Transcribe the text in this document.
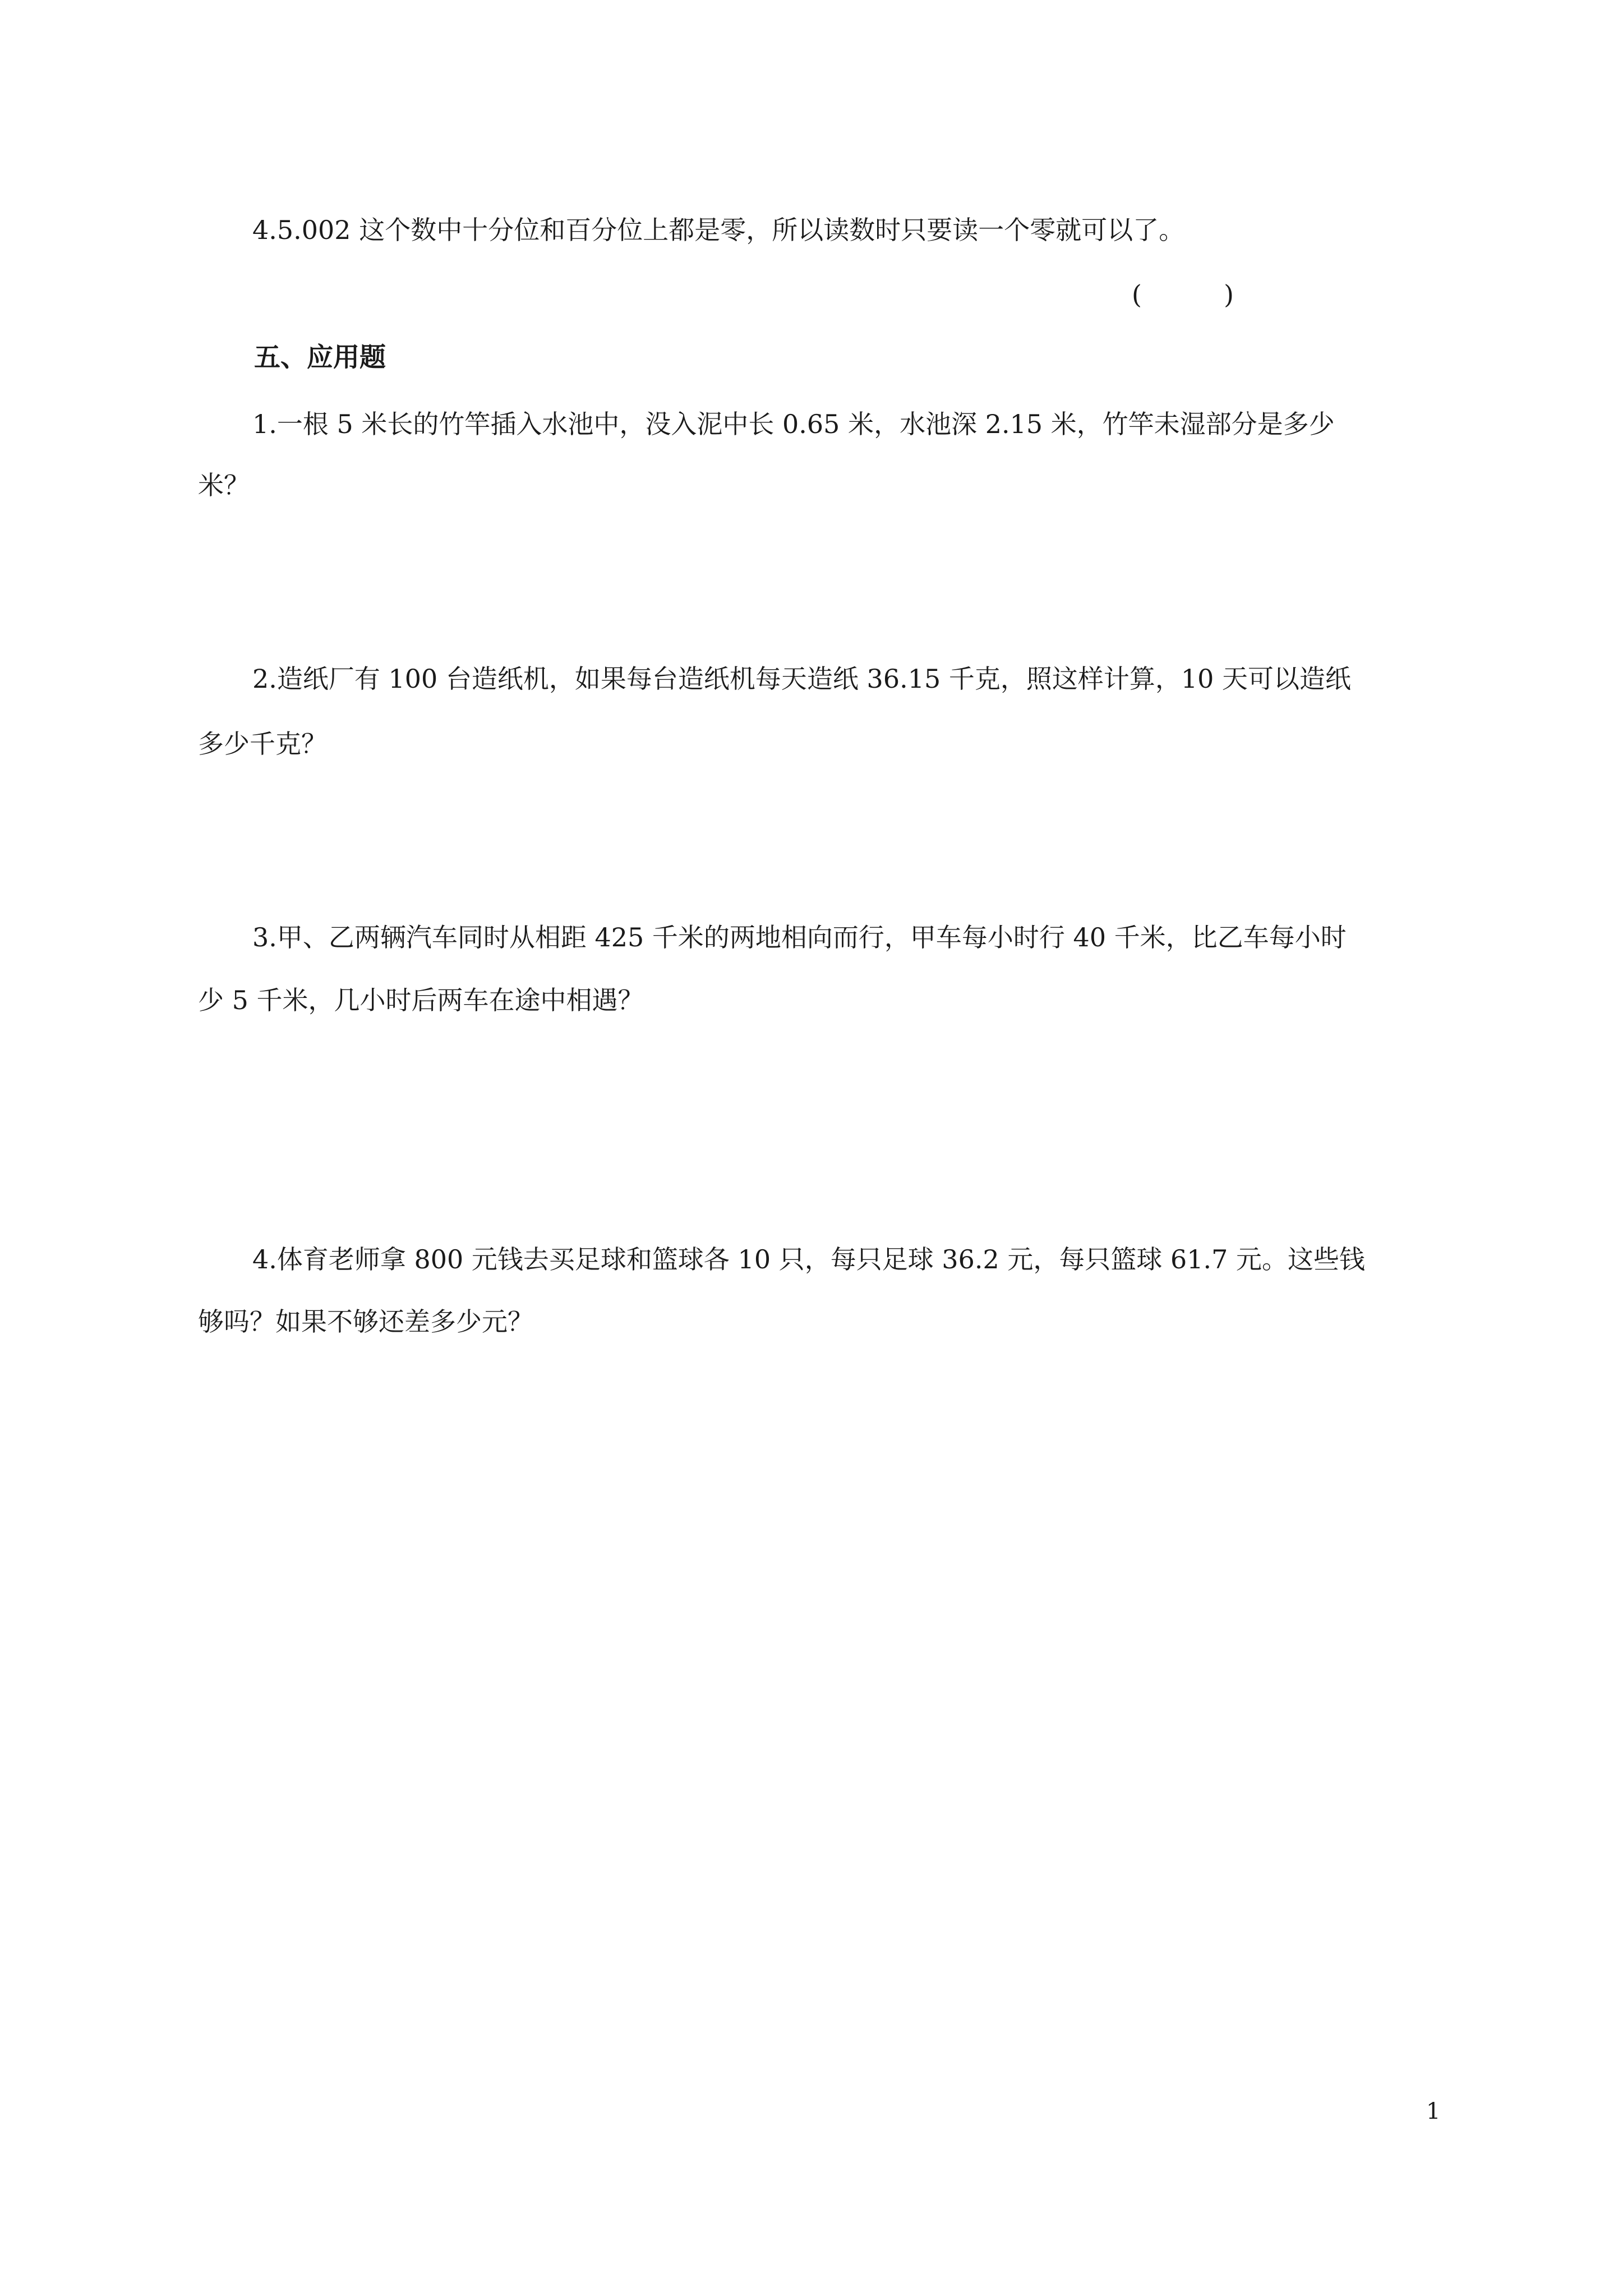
4.5.002 这个数中十分位和百分位上都是零，所以读数时只要读一个零就可以了。
(          )
五、应用题
1.一根 5 米长的竹竿插入水池中，没入泥中长 0.65 米，水池深 2.15 米，竹竿未湿部分是多少
米？
2.造纸厂有 100 台造纸机，如果每台造纸机每天造纸 36.15 千克，照这样计算，10 天可以造纸
多少千克？
3.甲、乙两辆汽车同时从相距 425 千米的两地相向而行，甲车每小时行 40 千米，比乙车每小时
少 5 千米，几小时后两车在途中相遇？
4.体育老师拿 800 元钱去买足球和篮球各 10 只，每只足球 36.2 元，每只篮球 61.7 元。这些钱
够吗？如果不够还差多少元？
1
